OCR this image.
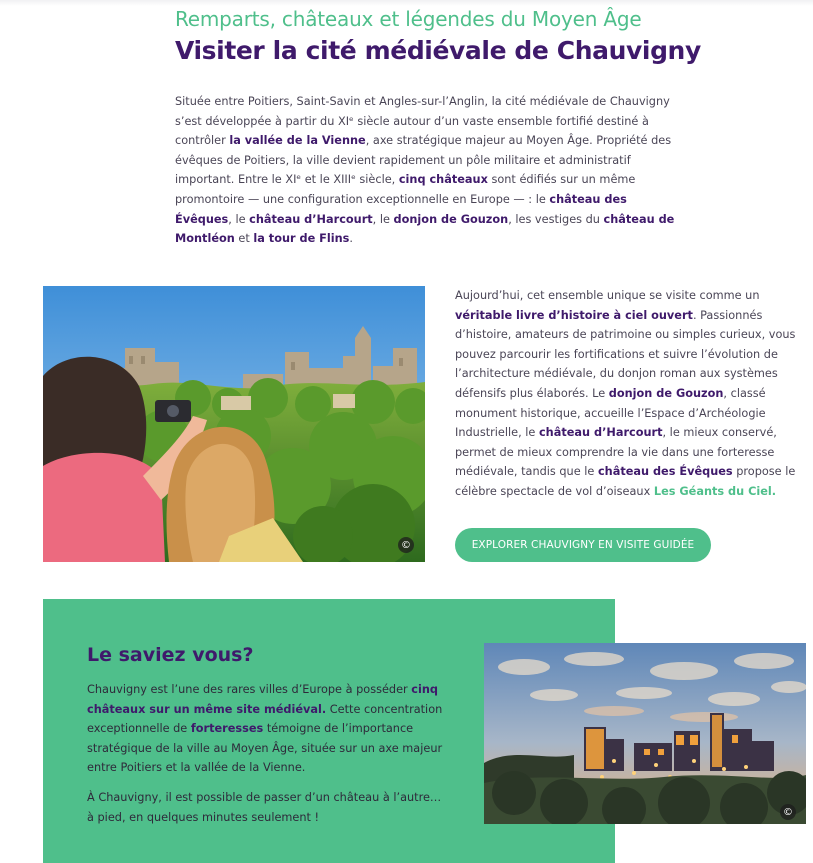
Remparts, châteaux et légendes du Moyen Âge
Visiter la cité médiévale de Chauvigny

Située entre Poitiers, Saint-Savin et Angles-sur-l’Anglin, la cité médiévale de Chauvigny s’est développée à partir du XIᵉ siècle autour d’un vaste ensemble fortifié destiné à contrôler la vallée de la Vienne, axe stratégique majeur au Moyen Âge. Propriété des évêques de Poitiers, la ville devient rapidement un pôle militaire et administratif important. Entre le XIᵉ et le XIIIᵉ siècle, cinq châteaux sont édifiés sur un même promontoire — une configuration exceptionnelle en Europe — : le château des Évêques, le château d’Harcourt, le donjon de Gouzon, les vestiges du château de Montléon et la tour de Flins.

©

Aujourd’hui, cet ensemble unique se visite comme un véritable livre d’histoire à ciel ouvert. Passionnés d’histoire, amateurs de patrimoine ou simples curieux, vous pouvez parcourir les fortifications et suivre l’évolution de l’architecture médiévale, du donjon roman aux systèmes défensifs plus élaborés. Le donjon de Gouzon, classé monument historique, accueille l’Espace d’Archéologie Industrielle, le château d’Harcourt, le mieux conservé, permet de mieux comprendre la vie dans une forteresse médiévale, tandis que le château des Évêques propose le célèbre spectacle de vol d’oiseaux Les Géants du Ciel.

EXPLORER CHAUVIGNY EN VISITE GUIDÉE
Le saviez vous?

Chauvigny est l’une des rares villes d’Europe à posséder cinq châteaux sur un même site médiéval. Cette concentration exceptionnelle de forteresses témoigne de l’importance stratégique de la ville au Moyen Âge, située sur un axe majeur entre Poitiers et la vallée de la Vienne.

À Chauvigny, il est possible de passer d’un château à l’autre… à pied, en quelques minutes seulement !	©
